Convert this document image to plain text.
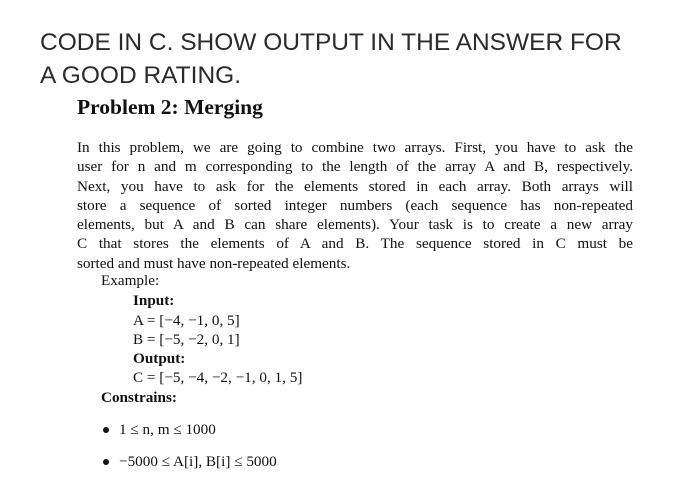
CODE IN C. SHOW OUTPUT IN THE ANSWER FOR
A GOOD RATING.
Problem 2: Merging
In this problem, we are going to combine two arrays. First, you have to ask the
user for n and m corresponding to the length of the array A and B, respectively.
Next, you have to ask for the elements stored in each array. Both arrays will
store a sequence of sorted integer numbers (each sequence has non-repeated
elements, but A and B can share elements). Your task is to create a new array
C that stores the elements of A and B. The sequence stored in C must be
sorted and must have non-repeated elements.
Example:
Input:
A = [−4, −1, 0, 5]
B = [−5, −2, 0, 1]
Output:
C = [−5, −4, −2, −1, 0, 1, 5]
Constrains:
1 ≤ n, m ≤ 1000
−5000 ≤ A[i], B[i] ≤ 5000
